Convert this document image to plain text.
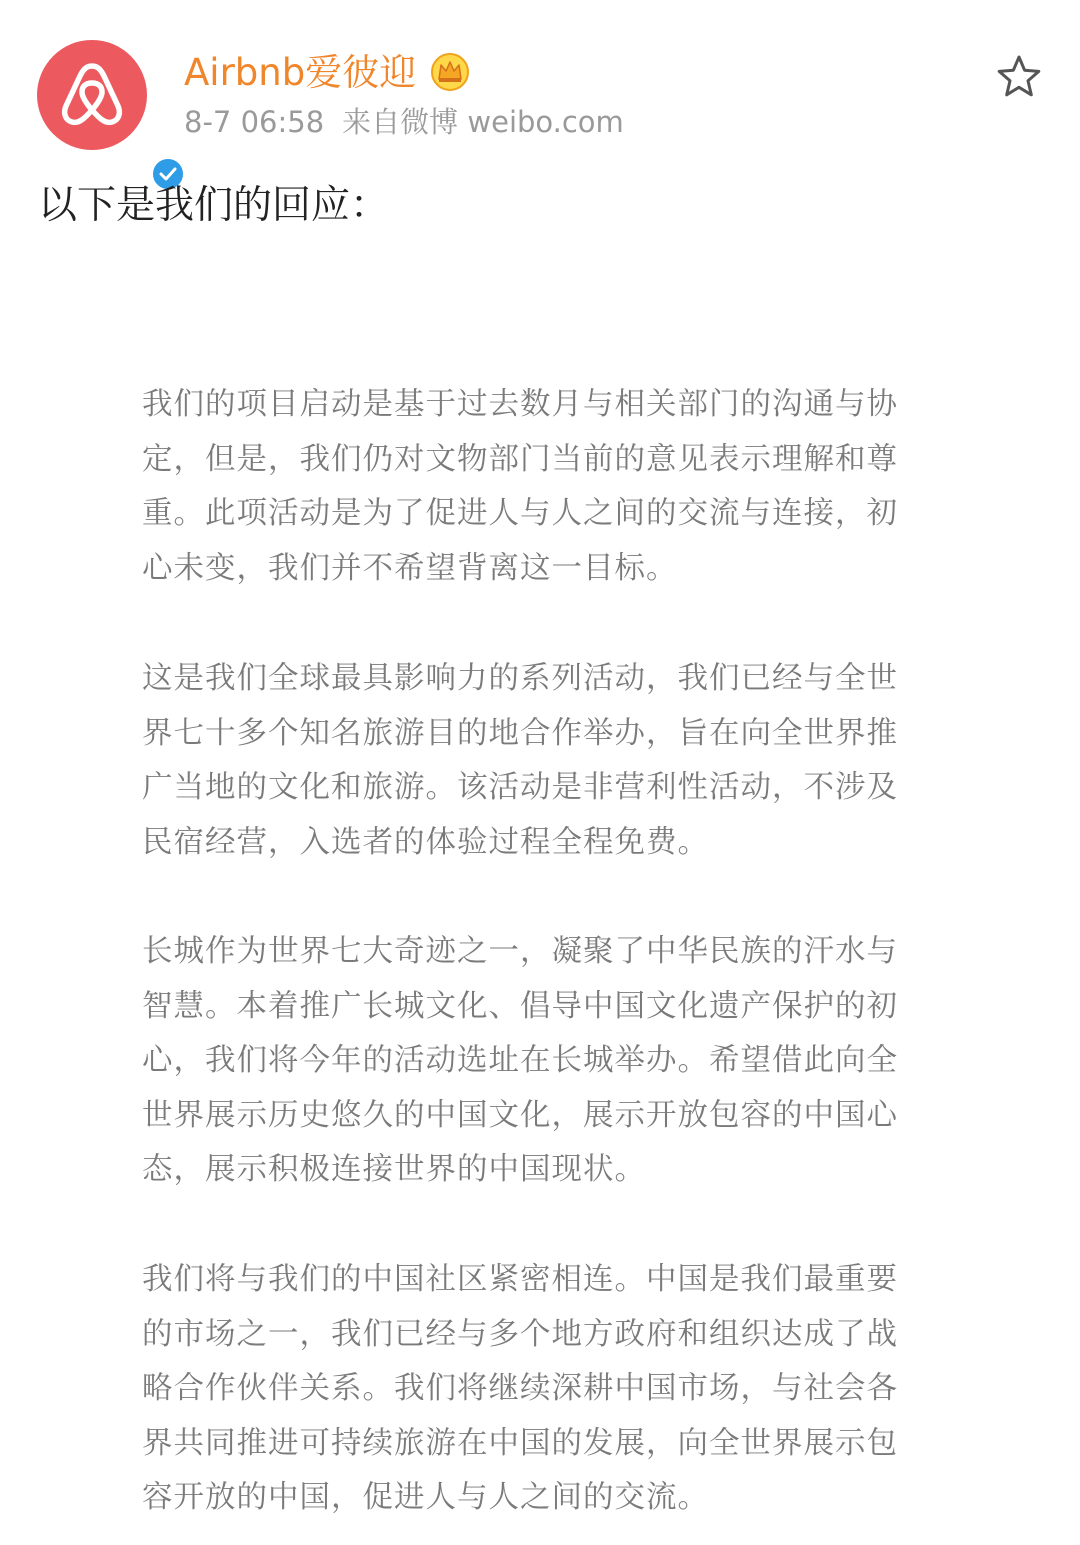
Airbnb爱彼迎
8-7 06:58 来自微博 weibo.com
以下是我们的回应：
我们的项目启动是基于过去数月与相关部门的沟通与协
定，但是，我们仍对文物部门当前的意见表示理解和尊
重。此项活动是为了促进人与人之间的交流与连接，初
心未变，我们并不希望背离这一目标。
这是我们全球最具影响力的系列活动，我们已经与全世
界七十多个知名旅游目的地合作举办，旨在向全世界推
广当地的文化和旅游。该活动是非营利性活动，不涉及
民宿经营，入选者的体验过程全程免费。
长城作为世界七大奇迹之一，凝聚了中华民族的汗水与
智慧。本着推广长城文化、倡导中国文化遗产保护的初
心，我们将今年的活动选址在长城举办。希望借此向全
世界展示历史悠久的中国文化，展示开放包容的中国心
态，展示积极连接世界的中国现状。
我们将与我们的中国社区紧密相连。中国是我们最重要
的市场之一，我们已经与多个地方政府和组织达成了战
略合作伙伴关系。我们将继续深耕中国市场，与社会各
界共同推进可持续旅游在中国的发展，向全世界展示包
容开放的中国，促进人与人之间的交流。
